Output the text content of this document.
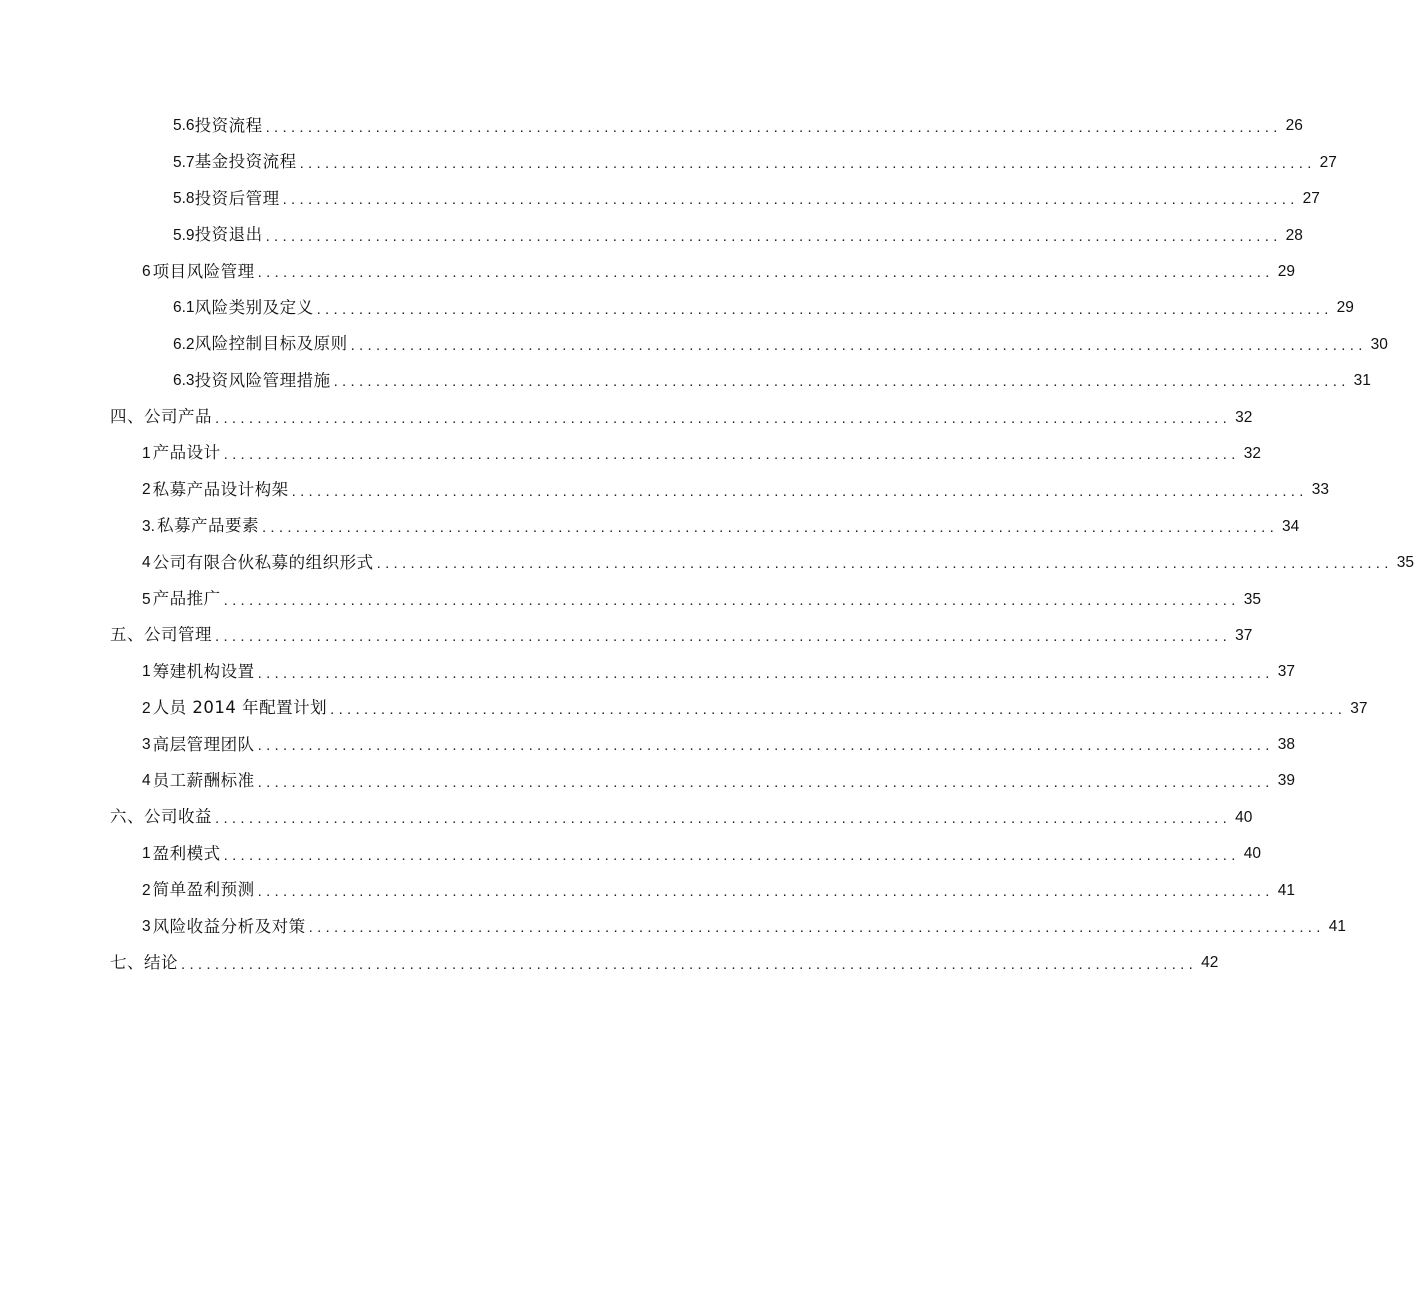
5.6 投资流程 ........................................................................................................................ 26
5.7 基金投资流程 ........................................................................................................................ 27
5.8 投资后管理 ........................................................................................................................ 27
5.9 投资退出 ........................................................................................................................ 28
6 项目风险管理 ........................................................................................................................ 29
6.1 风险类别及定义 ........................................................................................................................ 29
6.2 风险控制目标及原则 ........................................................................................................................ 30
6.3 投资风险管理措施 ........................................................................................................................ 31
四、公司产品 ........................................................................................................................ 32
1 产品设计 ........................................................................................................................ 32
2 私募产品设计构架 ........................................................................................................................ 33
3. 私募产品要素 ........................................................................................................................ 34
4 公司有限合伙私募的组织形式 ........................................................................................................................ 35
5 产品推广 ........................................................................................................................ 35
五、公司管理 ........................................................................................................................ 37
1 筹建机构设置 ........................................................................................................................ 37
2 人员 2014 年配置计划 ........................................................................................................................ 37
3 高层管理团队 ........................................................................................................................ 38
4 员工薪酬标准 ........................................................................................................................ 39
六、公司收益 ........................................................................................................................ 40
1 盈利模式 ........................................................................................................................ 40
2 简单盈利预测 ........................................................................................................................ 41
3 风险收益分析及对策 ........................................................................................................................ 41
七、结论 ........................................................................................................................ 42
